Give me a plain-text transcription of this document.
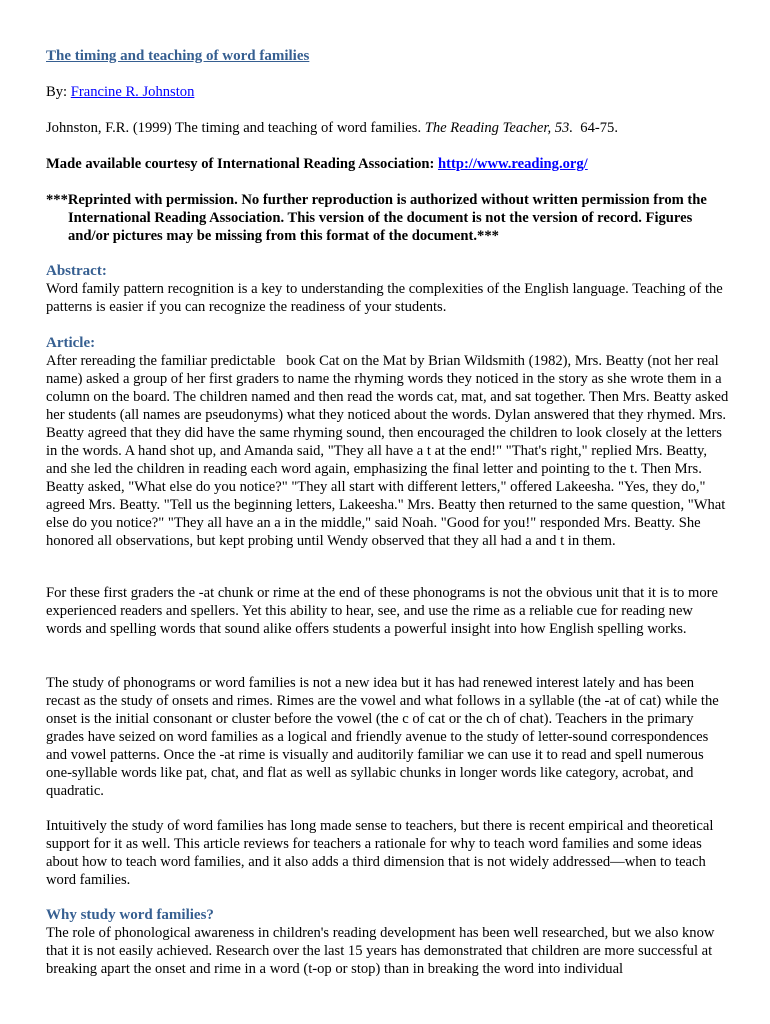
The timing and teaching of word families
By: Francine R. Johnston
Johnston, F.R. (1999) The timing and teaching of word families. The Reading Teacher, 53.  64-75.
Made available courtesy of International Reading Association: http://www.reading.org/
***Reprinted with permission. No further reproduction is authorized without written permission from the International Reading Association. This version of the document is not the version of record. Figures and/or pictures may be missing from this format of the document.***
Abstract:

Word family pattern recognition is a key to understanding the complexities of the English language. Teaching of the patterns is easier if you can recognize the readiness of your students.

Article:

After rereading the familiar predictable   book Cat on the Mat by Brian Wildsmith (1982), Mrs. Beatty (not her real name) asked a group of her first graders to name the rhyming words they noticed in the story as she wrote them in a column on the board. The children named and then read the words cat, mat, and sat together. Then Mrs. Beatty asked her students (all names are pseudonyms) what they noticed about the words. Dylan answered that they rhymed. Mrs. Beatty agreed that they did have the same rhyming sound, then encouraged the children to look closely at the letters in the words. A hand shot up, and Amanda said, "They all have a t at the end!" "That's right," replied Mrs. Beatty, and she led the children in reading each word again, emphasizing the final letter and pointing to the t. Then Mrs. Beatty asked, "What else do you notice?" "They all start with different letters," offered Lakeesha. "Yes, they do," agreed Mrs. Beatty. "Tell us the beginning letters, Lakeesha." Mrs. Beatty then returned to the same question, "What else do you notice?" "They all have an a in the middle," said Noah. "Good for you!" responded Mrs. Beatty. She honored all observations, but kept probing until Wendy observed that they all had a and t in them.

For these first graders the -at chunk or rime at the end of these phonograms is not the obvious unit that it is to more experienced readers and spellers. Yet this ability to hear, see, and use the rime as a reliable cue for reading new words and spelling words that sound alike offers students a powerful insight into how English spelling works.

The study of phonograms or word families is not a new idea but it has had renewed interest lately and has been recast as the study of onsets and rimes. Rimes are the vowel and what follows in a syllable (the -at of cat) while the onset is the initial consonant or cluster before the vowel (the c of cat or the ch of chat). Teachers in the primary grades have seized on word families as a logical and friendly avenue to the study of letter-sound correspondences and vowel patterns. Once the -at rime is visually and auditorily familiar we can use it to read and spell numerous one-syllable words like pat, chat, and flat as well as syllabic chunks in longer words like category, acrobat, and quadratic.

Intuitively the study of word families has long made sense to teachers, but there is recent empirical and theoretical support for it as well. This article reviews for teachers a rationale for why to teach word families and some ideas about how to teach word families, and it also adds a third dimension that is not widely addressed—when to teach word families.

Why study word families?

The role of phonological awareness in children's reading development has been well researched, but we also know that it is not easily achieved. Research over the last 15 years has demonstrated that children are more successful at breaking apart the onset and rime in a word (t-op or stop) than in breaking the word into individual
